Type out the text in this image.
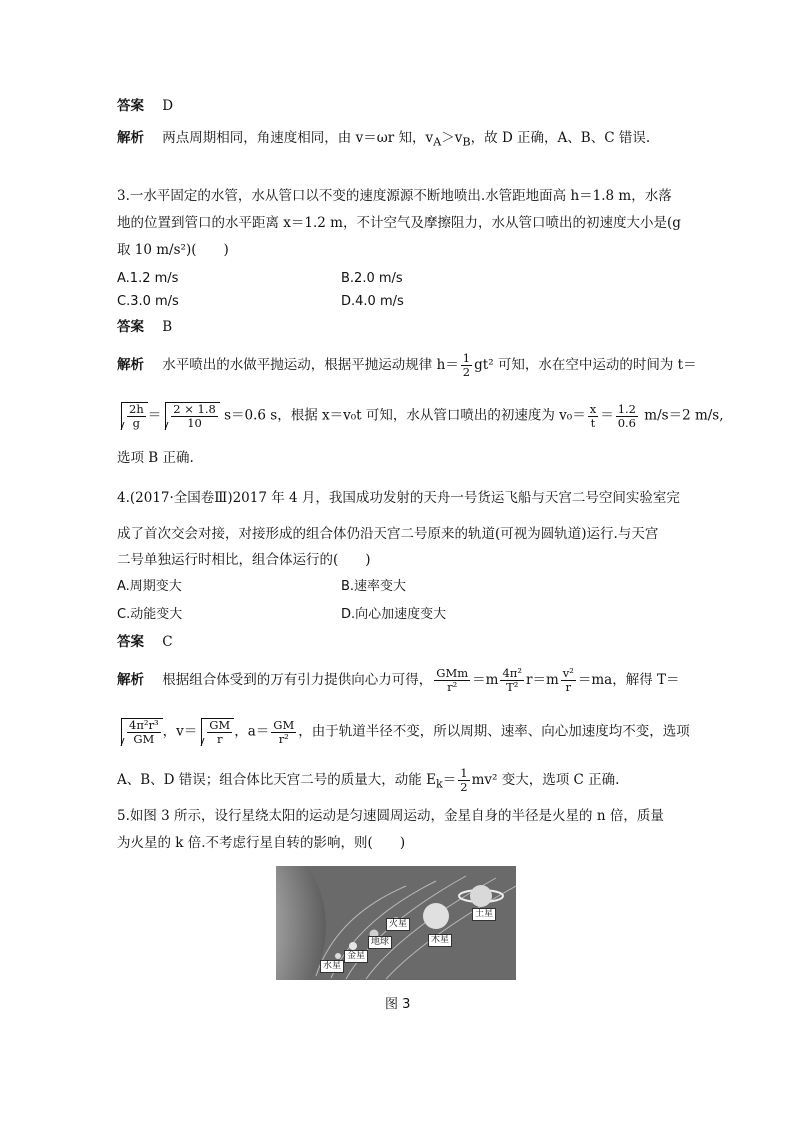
答案 D
解析 两点周期相同，角速度相同，由 v＝ωr 知，$v_A>v_B$，故 D 正确，A、B、C 错误.
3.一水平固定的水管，水从管口以不变的速度源源不断地喷出.水管距地面高 h＝1.8 m，水落
地的位置到管口的水平距离 x＝1.2 m，不计空气及摩擦阻力，水从管口喷出的初速度大小是(g
取 10 m/s²)(　　)
A.1.2 m/s	B.2.0 m/s
C.3.0 m/s	D.4.0 m/s
答案 B
解析 水平喷出的水做平抛运动，根据平抛运动规律 $h= \frac{1}{2} gt^2$ 可知，水在空中运动的时间为 t＝
$\frac{2h}{g} = \frac{2 \times 1.8}{10} s=0.6$ s，根据 x＝v₀t 可知，水从管口喷出的初速度为 $v_0= \frac{x}{t} = \frac{1.2}{0.6} m/s=2$ m/s,
选项 B 正确.
4.(2017·全国卷Ⅲ)2017 年 4 月，我国成功发射的天舟一号货运飞船与天宫二号空间实验室完
成了首次交会对接，对接形成的组合体仍沿天宫二号原来的轨道(可视为圆轨道)运行.与天宫
二号单独运行时相比，组合体运行的(　　)
A.周期变大	B.速率变大
C.动能变大	D.向心加速度变大
答案 C
解析 根据组合体受到的万有引力提供向心力可得， $\frac{\text{GMm}}{\text{r²}} =m \frac{\text{4π²}}{\text{T²}} r=m \frac{\text{v²}}{r} =ma$，解得 T＝
$\frac{\text{4π²r³}}{GM}$ ，$v= \frac{GM}{r}$ ，$a= \frac{GM}{\text{r²}}$ ，由于轨道半径不变，所以周期、速率、向心加速度均不变，选项
A、B、D 错误；组合体比天宫二号的质量大，动能 $E_k= \frac{1}{2} mv^2$ 变大，选项 C 正确.
5.如图 3 所示，设行星绕太阳的运动是匀速圆周运动，金星自身的半径是火星的 n 倍，质量
为火星的 k 倍.不考虑行星自转的影响，则(　　)
水星
金星
地球
火星
木星
土星
图 3
